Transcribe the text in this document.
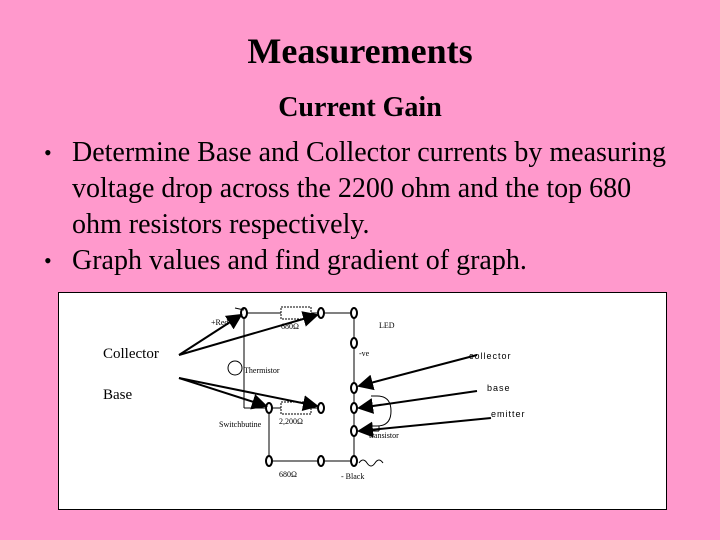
Measurements
Current Gain
• Determine Base and Collector currents by measuring voltage drop across the 2200 ohm and the top 680 ohm resistors respectively.
• Graph values and find gradient of graph.
Collector
Base
+Red	680Ω	LED
-ve	collector
Thermistor
base
Switchbutine 2,200Ω
emitter
transistor
680Ω	- Black
